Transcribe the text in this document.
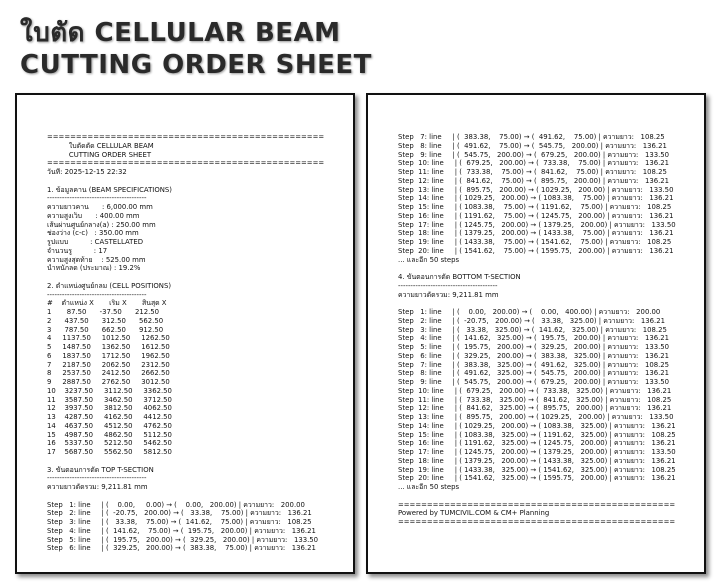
ใบตัด CELLULAR BEAM
CUTTING ORDER SHEET
================================================
ใบตัดตัด CELLULAR BEAM
CUTTING ORDER SHEET
================================================
วันที่: 2025-12-15 22:32
1. ข้อมูลคาน (BEAM SPECIFICATIONS)
----------------------------------------
ความยาวคาน      : 6,000.00 mm
ความสูงเว็บ      : 400.00 mm
เส้นผ่านศูนย์กลาง(a) : 250.00 mm
ช่องว่าง (c-c)   : 350.00 mm
รูปแบบ          : CASTELLATED
จำนวนรู          : 17
ความสูงสุดท้าย    : 525.00 mm
น้ำหนักลด (ประมาณ) : 19.2%
2. ตำแหน่งศูนย์กลม (CELL POSITIONS)
----------------------------------------
#    ตำแหน่ง X       เริ่ม X       สิ้นสุด X
1       87.50      -37.50      212.50
2      437.50      312.50      562.50
3      787.50      662.50      912.50
4     1137.50     1012.50     1262.50
5     1487.50     1362.50     1612.50
6     1837.50     1712.50     1962.50
7     2187.50     2062.50     2312.50
8     2537.50     2412.50     2662.50
9     2887.50     2762.50     3012.50
10    3237.50     3112.50     3362.50
11    3587.50     3462.50     3712.50
12    3937.50     3812.50     4062.50
13    4287.50     4162.50     4412.50
14    4637.50     4512.50     4762.50
15    4987.50     4862.50     5112.50
16    5337.50     5212.50     5462.50
17    5687.50     5562.50     5812.50
3. ขั้นตอนการตัด TOP T-SECTION
----------------------------------------
ความยาวตัดรวม: 9,211.81 mm
Step   1: line     | (    0.00,     0.00) → (    0.00,   200.00) | ความยาว:   200.00
Step   2: line     | (  -20.75,   200.00) → (   33.38,    75.00) | ความยาว:   136.21
Step   3: line     | (   33.38,    75.00) → (  141.62,    75.00) | ความยาว:   108.25
Step   4: line     | (  141.62,    75.00) → (  195.75,   200.00) | ความยาว:   136.21
Step   5: line     | (  195.75,   200.00) → (  329.25,   200.00) | ความยาว:   133.50
Step   6: line     | (  329.25,   200.00) → (  383.38,    75.00) | ความยาว:   136.21
Step   7: line     | (  383.38,    75.00) → (  491.62,    75.00) | ความยาว:   108.25
Step   8: line     | (  491.62,    75.00) → (  545.75,   200.00) | ความยาว:   136.21
Step   9: line     | (  545.75,   200.00) → (  679.25,   200.00) | ความยาว:   133.50
Step  10: line     | (  679.25,   200.00) → (  733.38,    75.00) | ความยาว:   136.21
Step  11: line     | (  733.38,    75.00) → (  841.62,    75.00) | ความยาว:   108.25
Step  12: line     | (  841.62,    75.00) → (  895.75,   200.00) | ความยาว:   136.21
Step  13: line     | (  895.75,   200.00) → ( 1029.25,   200.00) | ความยาว:   133.50
Step  14: line     | ( 1029.25,   200.00) → ( 1083.38,    75.00) | ความยาว:   136.21
Step  15: line     | ( 1083.38,    75.00) → ( 1191.62,    75.00) | ความยาว:   108.25
Step  16: line     | ( 1191.62,    75.00) → ( 1245.75,   200.00) | ความยาว:   136.21
Step  17: line     | ( 1245.75,   200.00) → ( 1379.25,   200.00) | ความยาว:   133.50
Step  18: line     | ( 1379.25,   200.00) → ( 1433.38,    75.00) | ความยาว:   136.21
Step  19: line     | ( 1433.38,    75.00) → ( 1541.62,    75.00) | ความยาว:   108.25
Step  20: line     | ( 1541.62,    75.00) → ( 1595.75,   200.00) | ความยาว:   136.21
... และอีก 50 steps
4. ขั้นตอนการตัด BOTTOM T-SECTION
----------------------------------------
ความยาวตัดรวม: 9,211.81 mm
Step   1: line     | (    0.00,   200.00) → (    0.00,   400.00) | ความยาว:   200.00
Step   2: line     | (  -20.75,   200.00) → (   33.38,   325.00) | ความยาว:   136.21
Step   3: line     | (   33.38,   325.00) → (  141.62,   325.00) | ความยาว:   108.25
Step   4: line     | (  141.62,   325.00) → (  195.75,   200.00) | ความยาว:   136.21
Step   5: line     | (  195.75,   200.00) → (  329.25,   200.00) | ความยาว:   133.50
Step   6: line     | (  329.25,   200.00) → (  383.38,   325.00) | ความยาว:   136.21
Step   7: line     | (  383.38,   325.00) → (  491.62,   325.00) | ความยาว:   108.25
Step   8: line     | (  491.62,   325.00) → (  545.75,   200.00) | ความยาว:   136.21
Step   9: line     | (  545.75,   200.00) → (  679.25,   200.00) | ความยาว:   133.50
Step  10: line     | (  679.25,   200.00) → (  733.38,   325.00) | ความยาว:   136.21
Step  11: line     | (  733.38,   325.00) → (  841.62,   325.00) | ความยาว:   108.25
Step  12: line     | (  841.62,   325.00) → (  895.75,   200.00) | ความยาว:   136.21
Step  13: line     | (  895.75,   200.00) → ( 1029.25,   200.00) | ความยาว:   133.50
Step  14: line     | ( 1029.25,   200.00) → ( 1083.38,   325.00) | ความยาว:   136.21
Step  15: line     | ( 1083.38,   325.00) → ( 1191.62,   325.00) | ความยาว:   108.25
Step  16: line     | ( 1191.62,   325.00) → ( 1245.75,   200.00) | ความยาว:   136.21
Step  17: line     | ( 1245.75,   200.00) → ( 1379.25,   200.00) | ความยาว:   133.50
Step  18: line     | ( 1379.25,   200.00) → ( 1433.38,   325.00) | ความยาว:   136.21
Step  19: line     | ( 1433.38,   325.00) → ( 1541.62,   325.00) | ความยาว:   108.25
Step  20: line     | ( 1541.62,   325.00) → ( 1595.75,   200.00) | ความยาว:   136.21
... และอีก 50 steps
================================================
Powered by TUMCIVIL.COM & CM+ Planning
================================================
